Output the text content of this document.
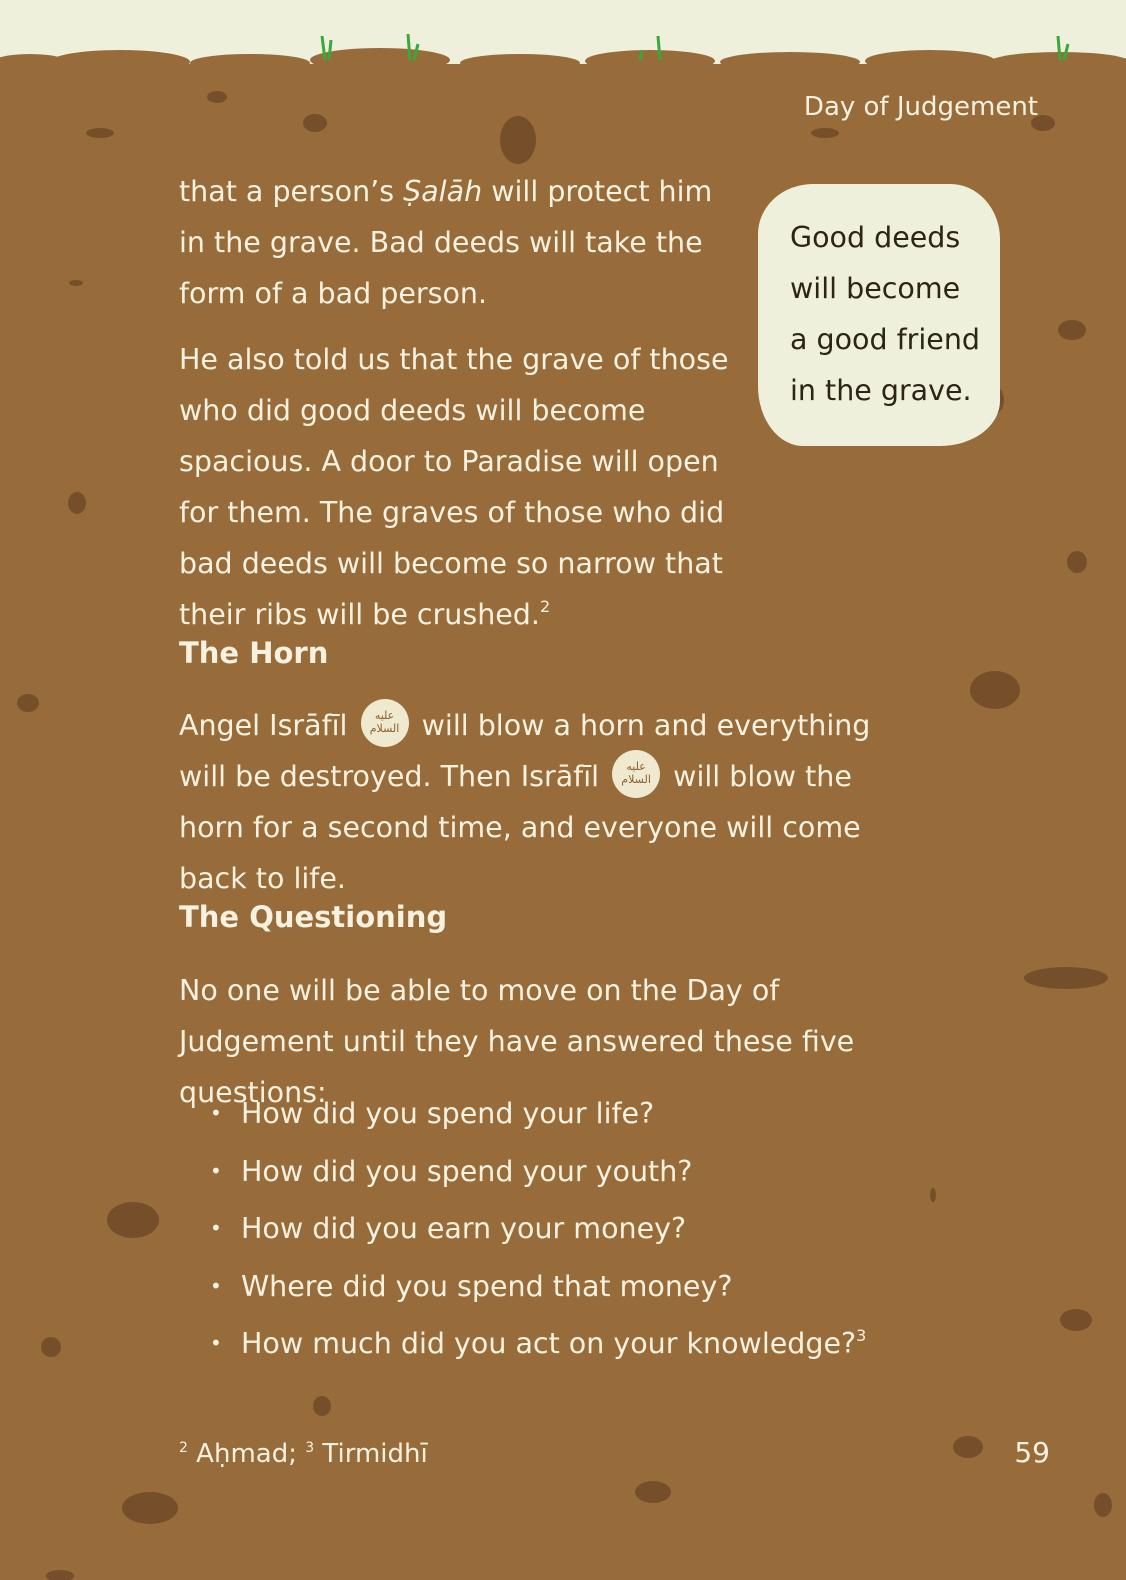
Day of Judgement

that a person’s Ṣalāh will protect him in the grave. Bad deeds will take the form of a bad person.

Good deeds
will become
a good friend
in the grave.

He also told us that the grave of those who did good deeds will become spacious. A door to Paradise will open for them. The graves of those who did bad deeds will become so narrow that their ribs will be crushed.$^2$

The Horn

Angel Isrāfīl عليه
السلام will blow a horn and everything will be destroyed. Then Isrāfīl عليه
السلام will blow the horn for a second time, and everyone will come back to life.

The Questioning

No one will be able to move on the Day of Judgement until they have answered these five questions:

• How did you spend your life?
• How did you spend your youth?
• How did you earn your money?
• Where did you spend that money?
• How much did you act on your knowledge?$^3$
$^2$ Aḥmad; $^3$ Tirmidhī	59
